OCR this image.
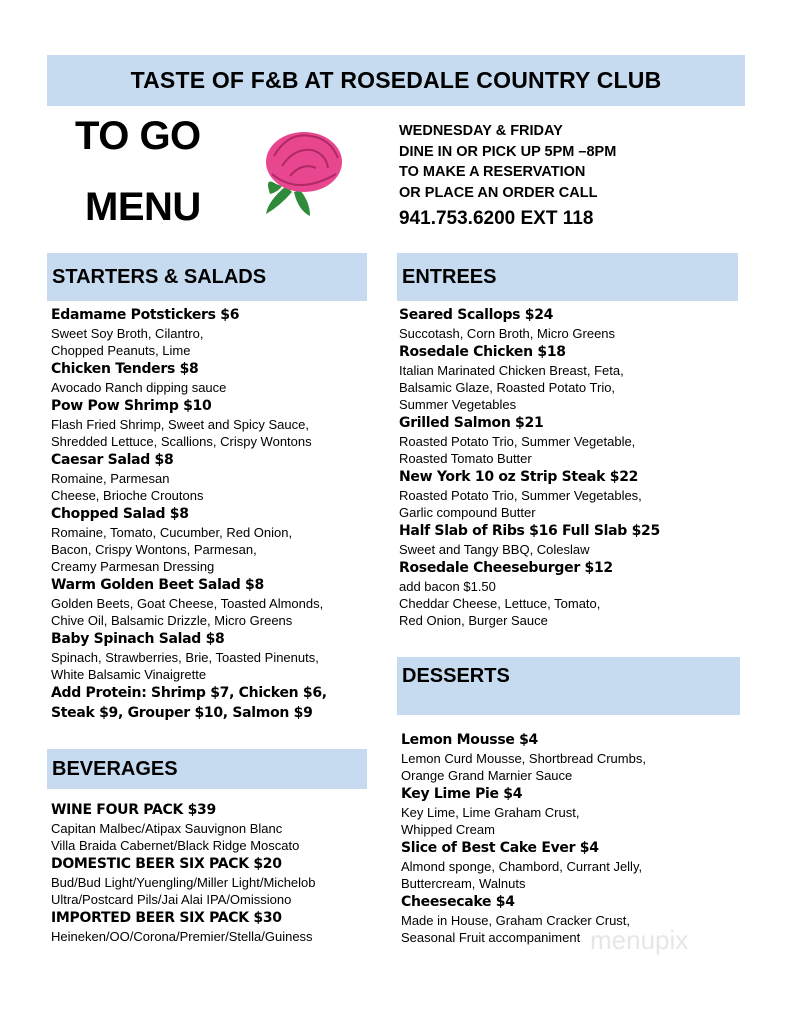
TASTE OF F&B AT ROSEDALE COUNTRY CLUB
TO GO
MENU
WEDNESDAY & FRIDAY
DINE IN OR PICK UP 5PM –8PM
TO MAKE A RESERVATION
OR PLACE AN ORDER CALL
941.753.6200 EXT 118
STARTERS & SALADS	ENTREES
BEVERAGES
DESSERTS
Edamame Potstickers $6
Sweet Soy Broth, Cilantro,
Chopped Peanuts, Lime
Chicken Tenders $8
Avocado Ranch dipping sauce
Pow Pow Shrimp $10
Flash Fried Shrimp, Sweet and Spicy Sauce,
Shredded Lettuce, Scallions, Crispy Wontons
Caesar Salad $8
Romaine, Parmesan
Cheese, Brioche Croutons
Chopped Salad $8
Romaine, Tomato, Cucumber, Red Onion,
Bacon, Crispy Wontons, Parmesan,
Creamy Parmesan Dressing
Warm Golden Beet Salad $8
Golden Beets, Goat Cheese, Toasted Almonds,
Chive Oil, Balsamic Drizzle, Micro Greens
Baby Spinach Salad $8
Spinach, Strawberries, Brie, Toasted Pinenuts,
White Balsamic Vinaigrette
Add Protein: Shrimp $7, Chicken $6,
Steak $9, Grouper $10, Salmon $9
WINE FOUR PACK $39
Capitan Malbec/Atipax Sauvignon Blanc
Villa Braida Cabernet/Black Ridge Moscato
DOMESTIC BEER SIX PACK $20
Bud/Bud Light/Yuengling/Miller Light/Michelob
Ultra/Postcard Pils/Jai Alai IPA/Omissiono
IMPORTED BEER SIX PACK $30
Heineken/OO/Corona/Premier/Stella/Guiness
Seared Scallops $24
Succotash, Corn Broth, Micro Greens
Rosedale Chicken $18
Italian Marinated Chicken Breast, Feta,
Balsamic Glaze, Roasted Potato Trio,
Summer Vegetables
Grilled Salmon $21
Roasted Potato Trio, Summer Vegetable,
Roasted Tomato Butter
New York 10 oz Strip Steak $22
Roasted Potato Trio, Summer Vegetables,
Garlic compound Butter
Half Slab of Ribs $16 Full Slab $25
Sweet and Tangy BBQ, Coleslaw
Rosedale Cheeseburger $12
add bacon $1.50
Cheddar Cheese, Lettuce, Tomato,
Red Onion, Burger Sauce
Lemon Mousse $4
Lemon Curd Mousse, Shortbread Crumbs,
Orange Grand Marnier Sauce
Key Lime Pie $4
Key Lime, Lime Graham Crust,
Whipped Cream
Slice of Best Cake Ever $4
Almond sponge, Chambord, Currant Jelly,
Buttercream, Walnuts
Cheesecake $4
Made in House, Graham Cracker Crust,
Seasonal Fruit accompaniment menupix
